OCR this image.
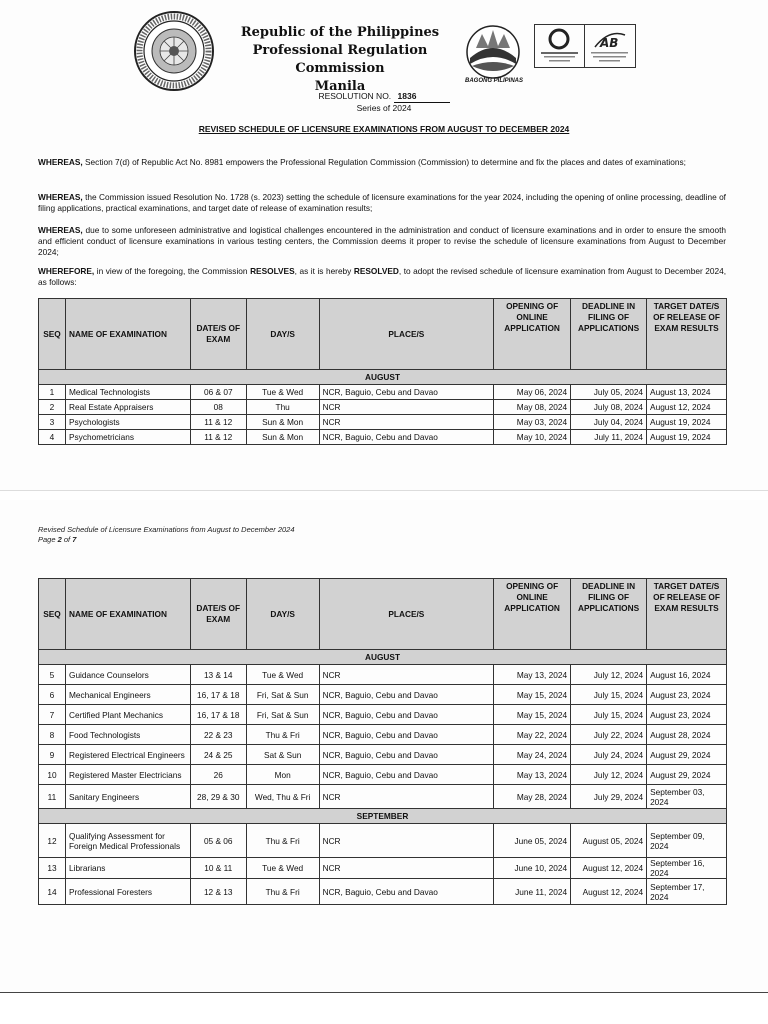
Republic of the Philippines
Professional Regulation Commission
Manila	BAGONG PILIPINAS
AB
RESOLUTION NO. 1836
Series of 2024
REVISED SCHEDULE OF LICENSURE EXAMINATIONS FROM AUGUST TO DECEMBER 2024
WHEREAS, Section 7(d) of Republic Act No. 8981 empowers the Professional Regulation Commission (Commission) to determine and fix the places and dates of examinations;
WHEREAS, the Commission issued Resolution No. 1728 (s. 2023) setting the schedule of licensure examinations for the year 2024, including the opening of online processing, deadline of filing applications, practical examinations, and target date of release of examination results;
WHEREAS, due to some unforeseen administrative and logistical challenges encountered in the administration and conduct of licensure examinations and in order to ensure the smooth and efficient conduct of licensure examinations in various testing centers, the Commission deems it proper to revise the schedule of licensure examinations from August to December 2024;
WHEREFORE, in view of the foregoing, the Commission RESOLVES, as it is hereby RESOLVED, to adopt the revised schedule of licensure examination from August to December 2024, as follows:
SEQ	NAME OF EXAMINATION	DATE/S OF EXAM	DAY/S	PLACE/S	OPENING OF ONLINE APPLICATION	DEADLINE IN FILING OF APPLICATIONS	TARGET DATE/S OF RELEASE OF EXAM RESULTS
AUGUST							
1	Medical Technologists	06 & 07	Tue & Wed	NCR, Baguio, Cebu and Davao	May 06, 2024	July 05, 2024	August 13, 2024
2	Real Estate Appraisers	08	Thu	NCR	May 08, 2024	July 08, 2024	August 12, 2024
3	Psychologists	11 & 12	Sun & Mon	NCR	May 03, 2024	July 04, 2024	August 19, 2024
4	Psychometricians	11 & 12	Sun & Mon	NCR, Baguio, Cebu and Davao	May 10, 2024	July 11, 2024	August 19, 2024
Revised Schedule of Licensure Examinations from August to December 2024
Page 2 of 7
SEQ	NAME OF EXAMINATION	DATE/S OF EXAM	DAY/S	PLACE/S	OPENING OF ONLINE APPLICATION	DEADLINE IN FILING OF APPLICATIONS	TARGET DATE/S OF RELEASE OF EXAM RESULTS
AUGUST							
5	Guidance Counselors	13 & 14	Tue & Wed	NCR	May 13, 2024	July 12, 2024	August 16, 2024
6	Mechanical Engineers	16, 17 & 18	Fri, Sat & Sun	NCR, Baguio, Cebu and Davao	May 15, 2024	July 15, 2024	August 23, 2024
7	Certified Plant Mechanics	16, 17 & 18	Fri, Sat & Sun	NCR, Baguio, Cebu and Davao	May 15, 2024	July 15, 2024	August 23, 2024
8	Food Technologists	22 & 23	Thu & Fri	NCR, Baguio, Cebu and Davao	May 22, 2024	July 22, 2024	August 28, 2024
9	Registered Electrical Engineers	24 & 25	Sat & Sun	NCR, Baguio, Cebu and Davao	May 24, 2024	July 24, 2024	August 29, 2024
10	Registered Master Electricians	26	Mon	NCR, Baguio, Cebu and Davao	May 13, 2024	July 12, 2024	August 29, 2024
11	Sanitary Engineers	28, 29 & 30	Wed, Thu & Fri	NCR	May 28, 2024	July 29, 2024	September 03, 2024
SEPTEMBER							
12	Qualifying Assessment for Foreign Medical Professionals	05 & 06	Thu & Fri	NCR	June 05, 2024	August 05, 2024	September 09, 2024
13	Librarians	10 & 11	Tue & Wed	NCR	June 10, 2024	August 12, 2024	September 16, 2024
14	Professional Foresters	12 & 13	Thu & Fri	NCR, Baguio, Cebu and Davao	June 11, 2024	August 12, 2024	September 17, 2024
